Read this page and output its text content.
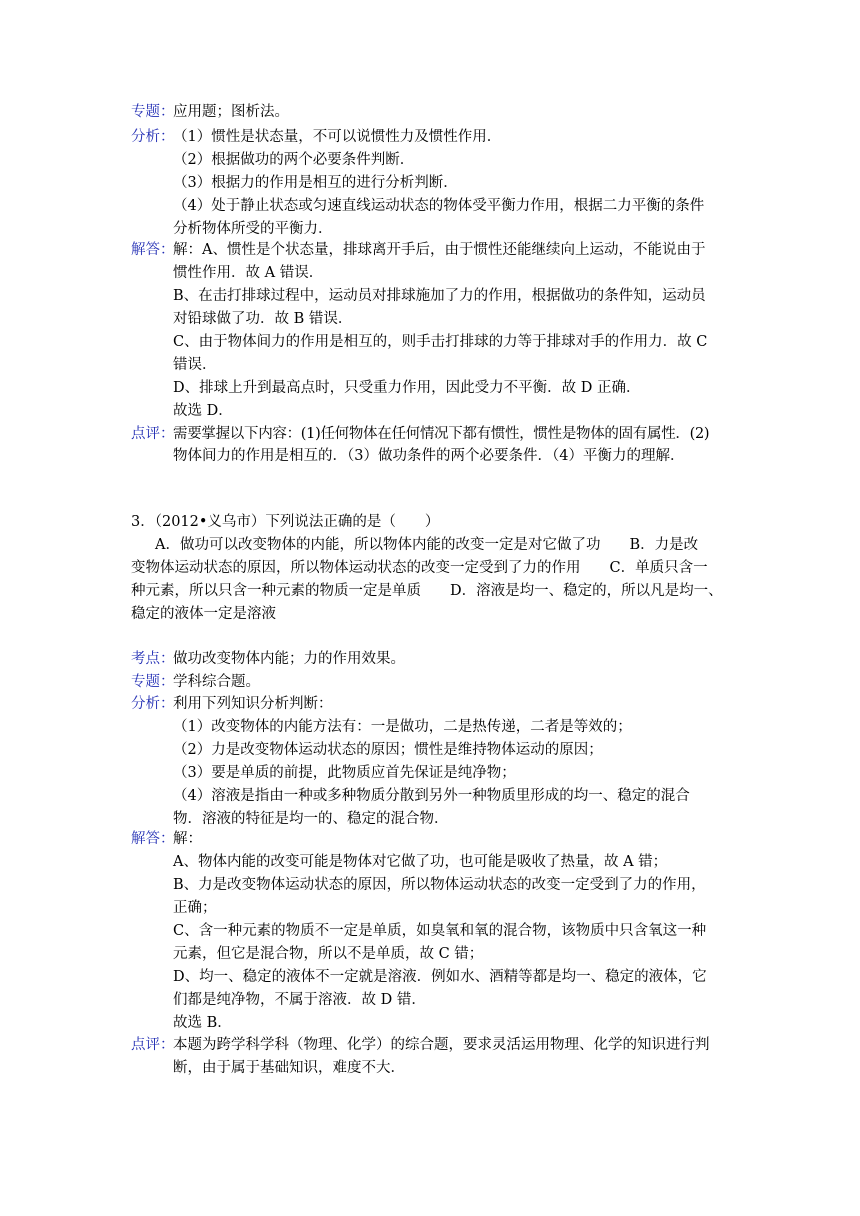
专题：
应用题；图析法。
分析：
（1）惯性是状态量，不可以说惯性力及惯性作用．
（2）根据做功的两个必要条件判断．
（3）根据力的作用是相互的进行分析判断．
（4）处于静止状态或匀速直线运动状态的物体受平衡力作用，根据二力平衡的条件
分析物体所受的平衡力．
解答：
解：A、惯性是个状态量，排球离开手后，由于惯性还能继续向上运动，不能说由于
惯性作用．故 A 错误．
B、在击打排球过程中，运动员对排球施加了力的作用，根据做功的条件知，运动员
对铅球做了功．故 B 错误．
C、由于物体间力的作用是相互的，则手击打排球的力等于排球对手的作用力．故 C
错误．
D、排球上升到最高点时，只受重力作用，因此受力不平衡．故 D 正确．
故选 D．
点评：
需要掌握以下内容：(1)任何物体在任何情况下都有惯性，惯性是物体的固有属性．(2)
物体间力的作用是相互的．（3）做功条件的两个必要条件．（4）平衡力的理解．
3．（2012•义乌市）下列说法正确的是（　　）
A．做功可以改变物体的内能，所以物体内能的改变一定是对它做了功　　B．力是改
变物体运动状态的原因，所以物体运动状态的改变一定受到了力的作用　　C．单质只含一
种元素，所以只含一种元素的物质一定是单质　　D．溶液是均一、稳定的，所以凡是均一、
稳定的液体一定是溶液
考点：
做功改变物体内能；力的作用效果。
专题：
学科综合题。
分析：
利用下列知识分析判断：
（1）改变物体的内能方法有：一是做功，二是热传递，二者是等效的；
（2）力是改变物体运动状态的原因；惯性是维持物体运动的原因；
（3）要是单质的前提，此物质应首先保证是纯净物；
（4）溶液是指由一种或多种物质分散到另外一种物质里形成的均一、稳定的混合
物．溶液的特征是均一的、稳定的混合物．
解答：
解：
A、物体内能的改变可能是物体对它做了功，也可能是吸收了热量，故 A 错；
B、力是改变物体运动状态的原因，所以物体运动状态的改变一定受到了力的作用，
正确；
C、含一种元素的物质不一定是单质，如臭氧和氧的混合物，该物质中只含氧这一种
元素，但它是混合物，所以不是单质，故 C 错；
D、均一、稳定的液体不一定就是溶液．例如水、酒精等都是均一、稳定的液体，它
们都是纯净物，不属于溶液．故 D 错．
故选 B．
点评：
本题为跨学科学科（物理、化学）的综合题，要求灵活运用物理、化学的知识进行判
断，由于属于基础知识，难度不大．
